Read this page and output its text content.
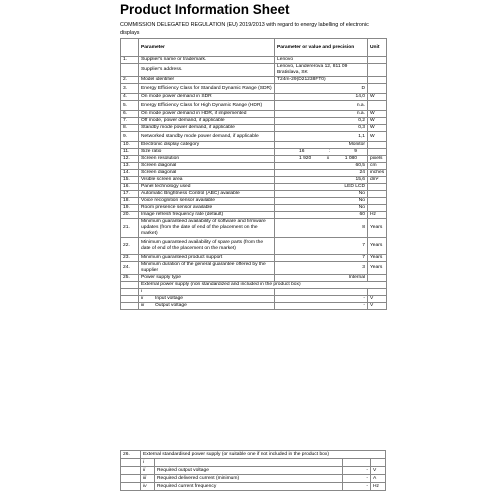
Product Information Sheet
COMMISSION DELEGATED REGULATION (EU) 2019/2013 with regard to energy labelling of electronic displays
	Parameter	Parameter or value and precision	Unit
1.	Supplier's name or trademark.	Lenovo	
	Supplier's address.	Lenovo, Landererova 12, 811 09 Bratislava, SK	
2.	Model identifier	T24m-29(D21238FT0)	
3.	Energy Efficiency Class for Standard Dynamic Range (SDR)	D	
4.	On mode power demand in SDR	14,0	W
5.	Energy Efficiency Class for High Dynamic Range (HDR)	n.a.	
6.	On mode power demand in HDR, if implemented	n.a.	W
7.	Off mode, power demand, if applicable	0,2	W
8.	Standby mode power demand, if applicable	0,3	W
9.	Networked standby mode power demand, if applicable	1,1	W
10.	Electronic display category	Monitor	
11.	Size ratio	16 : 9	

12.	Screen resolution	1 920 x 1 080	pixels
13.	Screen diagonal	60,5	cm
14.	Screen diagonal	24	inches
15.	Visible screen area	15,6	dm²
16.	Panel technology used	LED LCD	
17.	Automatic Brightness Control (ABC) available	No	
18.	Voice recognition sensor available	No	
19.	Room presence sensor available	No	
20.	Image refresh frequency rate (default)	60	Hz
21.	Minimum guaranteed availability of software and firmware updates (from the date of end of the placement on the market)	8	Years
22.	Minimum guaranteed availability of spare parts (from the date of end of the placement on the market)	7	Years
23.	Minimum guaranteed product support	7	Years
24.	Minimum duration of the general guarantee offered by the supplier	3	Years
25.	Power supply type	Internal	
	External power supply (non standardized and included in the product box)		
	i		
	ii Input voltage	-	V
	iii Output voltage	-	V
26.	External standardised power supply (or suitable one if not included in the product box)			
	i			
	ii	Required output voltage	-	V
	iii	Required delivered current (minimum)	-	A
	iv	Required current frequency	-	Hz
